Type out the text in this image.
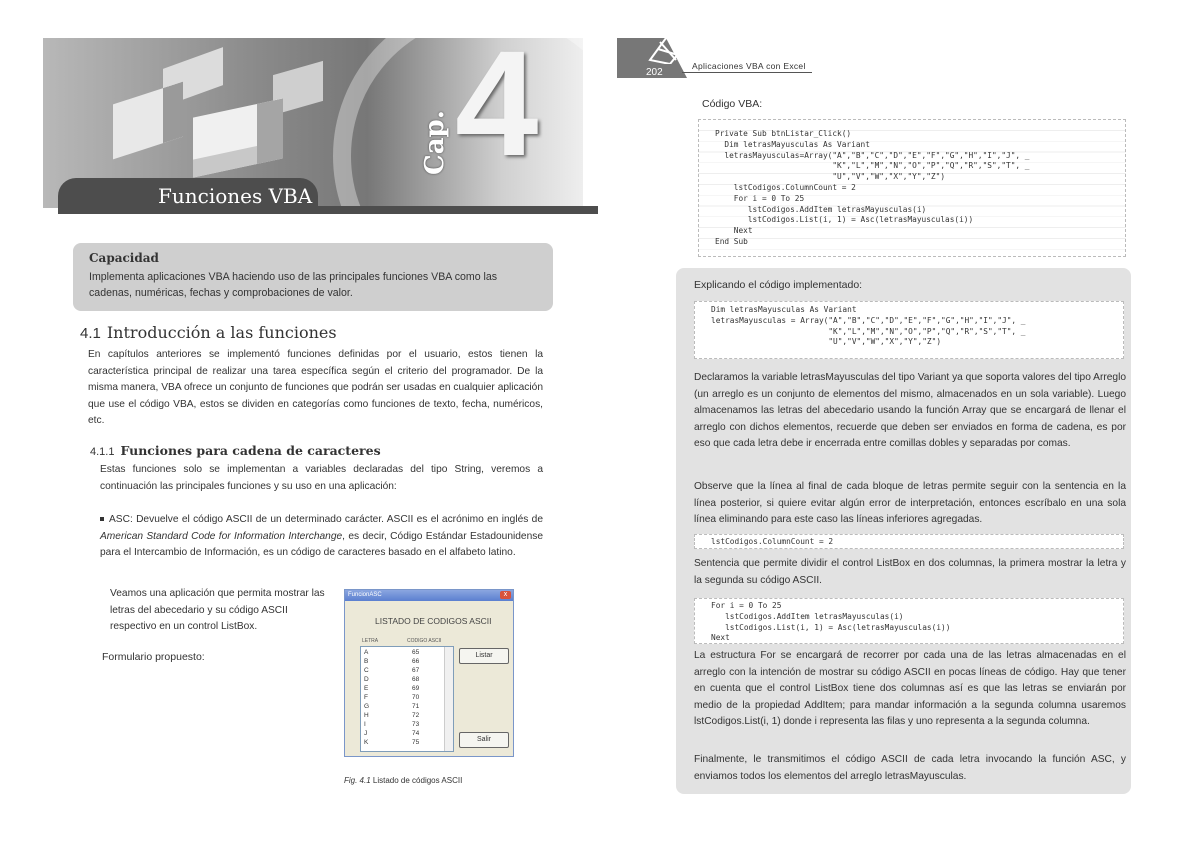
4
Cap.
Funciones VBA
Capacidad
Implementa aplicaciones VBA haciendo uso de las principales funciones VBA como las cadenas, numéricas, fechas y comprobaciones de valor.
4.1 Introducción a las funciones
En capítulos anteriores se implementó funciones definidas por el usuario, estos tienen la característica principal de realizar una tarea específica según el criterio del programador. De la misma manera, VBA ofrece un conjunto de funciones que podrán ser usadas en cualquier aplicación que use el código VBA, estos se dividen en categorías como funciones de texto, fecha, numéricos, etc.
4.1.1 Funciones para cadena de caracteres
Estas funciones solo se implementan a variables declaradas del tipo String, veremos a continuación las principales funciones y su uso en una aplicación:
ASC: Devuelve el código ASCII de un determinado carácter. ASCII es el acrónimo en inglés de American Standard Code for Information Interchange, es decir, Código Estándar Estadounidense para el Intercambio de Información, es un código de caracteres basado en el alfabeto latino.
Veamos una aplicación que permita mostrar las letras del abecedario y su código ASCII respectivo en un control ListBox.
Formulario propuesto:
FuncionASC	x
LISTADO DE CODIGOS ASCII
LETRA	CODIGO ASCII
A	65
B	66
C	67
D	68
E	69
F	70
G	71
H	72
I	73
J	74
K	75
Listar
Salir
Fig. 4.1 Listado de códigos ASCII
202
Aplicaciones VBA con Excel
Código VBA:
Private Sub btnListar_Click()
Dim letrasMayusculas As Variant
letrasMayusculas=Array("A","B","C","D","E","F","G","H","I","J", _
"K","L","M","N","O","P","Q","R","S","T", _
"U","V","W","X","Y","Z")
lstCodigos.ColumnCount = 2
For i = 0 To 25
lstCodigos.AddItem letrasMayusculas(i)
lstCodigos.List(i, 1) = Asc(letrasMayusculas(i))
Next
End Sub
Explicando el código implementado:
Dim letrasMayusculas As Variant
letrasMayusculas = Array("A","B","C","D","E","F","G","H","I","J", _
"K","L","M","N","O","P","Q","R","S","T", _
"U","V","W","X","Y","Z")
Declaramos la variable letrasMayusculas del tipo Variant ya que soporta valores del tipo Arreglo (un arreglo es un conjunto de elementos del mismo, almacenados en un sola variable). Luego almacenamos las letras del abecedario usando la función Array que se encargará de llenar el arreglo con dichos elementos, recuerde que deben ser enviados en forma de cadena, es por eso que cada letra debe ir encerrada entre comillas dobles y separadas por comas.
Observe que la línea al final de cada bloque de letras permite seguir con la sentencia en la línea posterior, si quiere evitar algún error de interpretación, entonces escríbalo en una sola línea eliminando para este caso las líneas inferiores agregadas.
lstCodigos.ColumnCount = 2
Sentencia que permite dividir el control ListBox en dos columnas, la primera mostrar la letra y la segunda su código ASCII.
For i = 0 To 25
lstCodigos.AddItem letrasMayusculas(i)
lstCodigos.List(i, 1) = Asc(letrasMayusculas(i))
Next
La estructura For se encargará de recorrer por cada una de las letras almacenadas en el arreglo con la intención de mostrar su código ASCII en pocas líneas de código. Hay que tener en cuenta que el control ListBox tiene dos columnas así es que las letras se enviarán por medio de la propiedad AddItem; para mandar información a la segunda columna usaremos lstCodigos.List(i, 1) donde i representa las filas y uno representa a la segunda columna.
Finalmente, le transmitimos el código ASCII de cada letra invocando la función ASC, y enviamos todos los elementos del arreglo letrasMayusculas.
